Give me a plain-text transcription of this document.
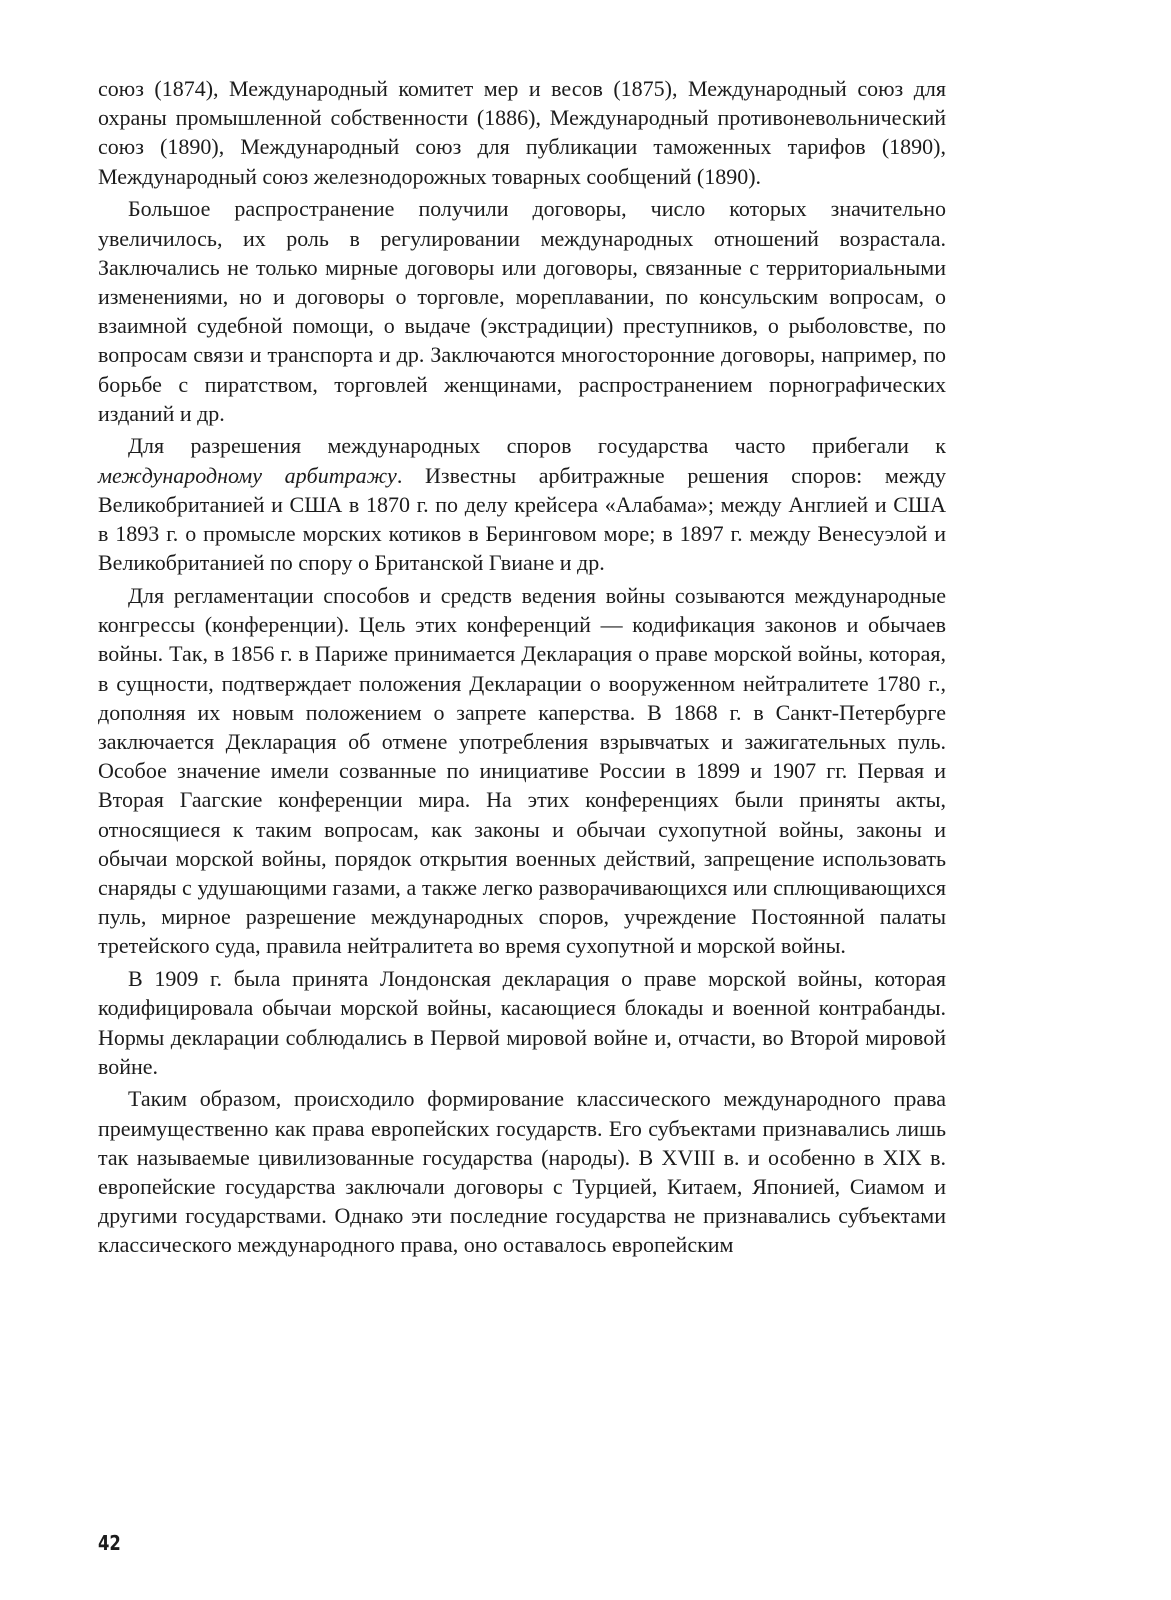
союз (1874), Международный комитет мер и весов (1875), Международный союз для охраны промышленной собственности (1886), Международный противоневольнический союз (1890), Международный союз для публикации таможенных тарифов (1890), Международный союз железнодорожных товарных сообщений (1890).

Большое распространение получили договоры, число которых значительно увеличилось, их роль в регулировании международных отношений возрастала. Заключались не только мирные договоры или договоры, связанные с территориальными изменениями, но и договоры о торговле, мореплавании, по консульским вопросам, о взаимной судебной помощи, о выдаче (экстрадиции) преступников, о рыболовстве, по вопросам связи и транспорта и др. Заключаются многосторонние договоры, например, по борьбе с пиратством, торговлей женщинами, распространением порнографических изданий и др.

Для разрешения международных споров государства часто прибегали к международному арбитражу. Известны арбитражные решения споров: между Великобританией и США в 1870 г. по делу крейсера «Алабама»; между Англией и США в 1893 г. о промысле морских котиков в Беринговом море; в 1897 г. между Венесуэлой и Великобританией по спору о Британской Гвиане и др.

Для регламентации способов и средств ведения войны созываются международные конгрессы (конференции). Цель этих конференций — кодификация законов и обычаев войны. Так, в 1856 г. в Париже принимается Декларация о праве морской войны, которая, в сущности, подтверждает положения Декларации о вооруженном нейтралитете 1780 г., дополняя их новым положением о запрете каперства. В 1868 г. в Санкт-Петербурге заключается Декларация об отмене употребления взрывчатых и зажигательных пуль. Особое значение имели созванные по инициативе России в 1899 и 1907 гг. Первая и Вторая Гаагские конференции мира. На этих конференциях были приняты акты, относящиеся к таким вопросам, как законы и обычаи сухопутной войны, законы и обычаи морской войны, порядок открытия военных действий, запрещение использовать снаряды с удушающими газами, а также легко разворачивающихся или сплющивающихся пуль, мирное разрешение международных споров, учреждение Постоянной палаты третейского суда, правила нейтралитета во время сухопутной и морской войны.

В 1909 г. была принята Лондонская декларация о праве морской войны, которая кодифицировала обычаи морской войны, касающиеся блокады и военной контрабанды. Нормы декларации соблюдались в Первой мировой войне и, отчасти, во Второй мировой войне.

Таким образом, происходило формирование классического международного права преимущественно как права европейских государств. Его субъектами признавались лишь так называемые цивилизованные государства (народы). В XVIII в. и особенно в XIX в. европейские государства заключали договоры с Турцией, Китаем, Японией, Сиамом и другими государствами. Однако эти последние государства не признавались субъектами классического международного права, оно оставалось европейским

42
